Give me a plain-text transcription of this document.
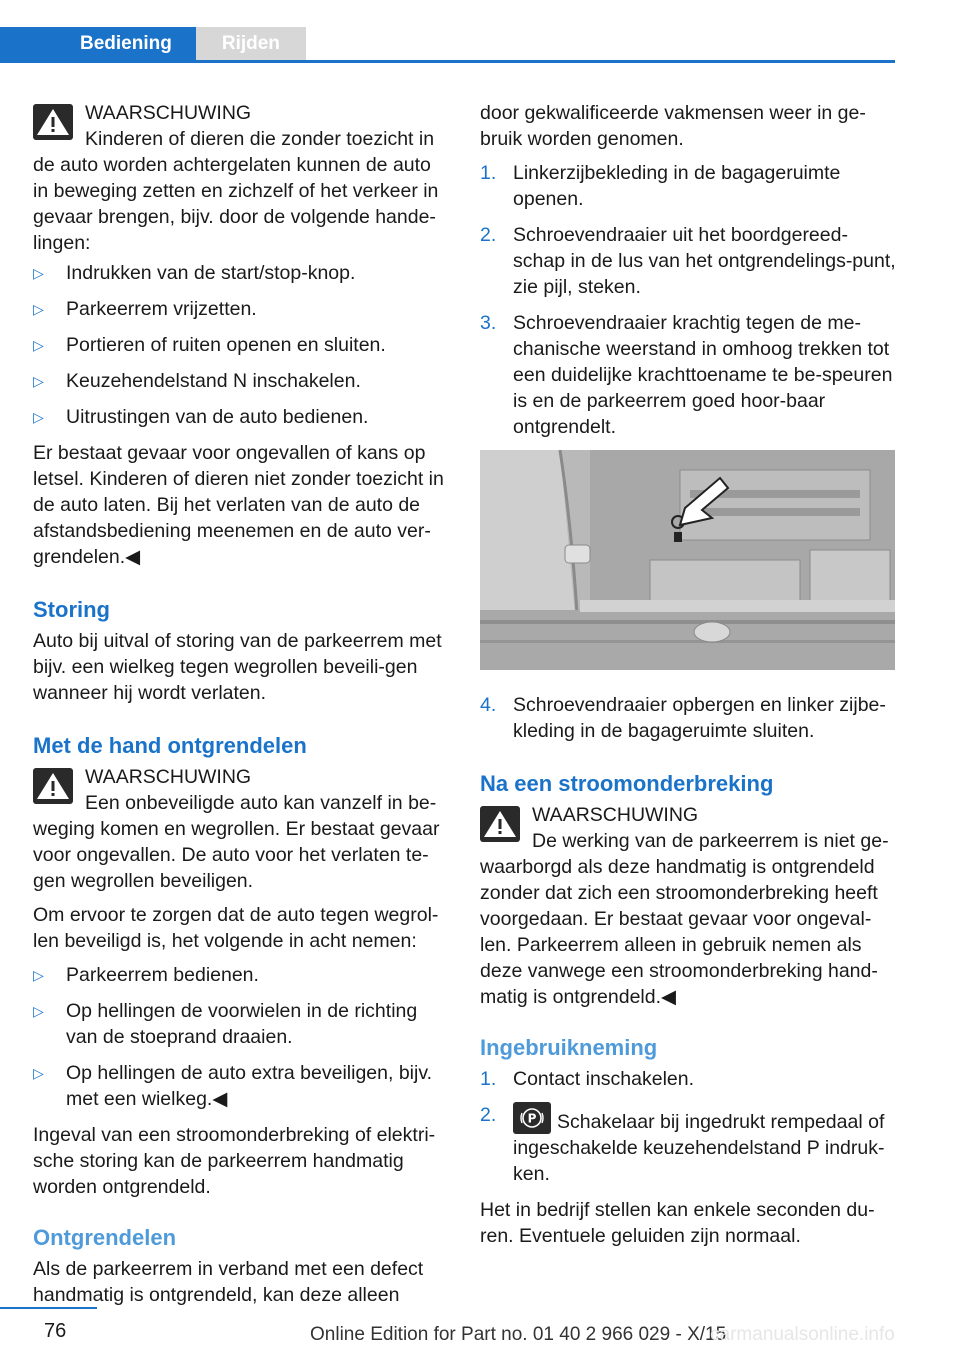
Bediening	Rijden
WAARSCHUWING
Kinderen of dieren die zonder toezicht in de auto worden achtergelaten kunnen de auto in beweging zetten en zichzelf of het verkeer in gevaar brengen, bijv. door de volgende hande‐lingen:
▷ Indrukken van de start/stop-knop.
▷ Parkeerrem vrijzetten.
▷ Portieren of ruiten openen en sluiten.
▷ Keuzehendelstand N inschakelen.
▷ Uitrustingen van de auto bedienen.

Er bestaat gevaar voor ongevallen of kans op letsel. Kinderen of dieren niet zonder toezicht in de auto laten. Bij het verlaten van de auto de afstandsbediening meenemen en de auto ver‐grendelen.◀

Storing

Auto bij uitval of storing van de parkeerrem met bijv. een wielkeg tegen wegrollen beveili‐gen wanneer hij wordt verlaten.

Met de hand ontgrendelen
WAARSCHUWING
Een onbeveiligde auto kan vanzelf in be‐weging komen en wegrollen. Er bestaat gevaar voor ongevallen. De auto voor het verlaten te‐gen wegrollen beveiligen.

Om ervoor te zorgen dat de auto tegen wegrol‐len beveiligd is, het volgende in acht nemen:

▷ Parkeerrem bedienen.
▷ Op hellingen de voorwielen in de richting van de stoeprand draaien.
▷ Op hellingen de auto extra beveiligen, bijv. met een wielkeg.◀

Ingeval van een stroomonderbreking of elektri‐sche storing kan de parkeerrem handmatig worden ontgrendeld.

Ontgrendelen

Als de parkeerrem in verband met een defect handmatig is ontgrendeld, kan deze alleen

door gekwalificeerde vakmensen weer in ge‐bruik worden genomen.

1. Linkerzijbekleding in de bagageruimte openen.
2. Schroevendraaier uit het boordgereed‐schap in de lus van het ontgrendelings‐punt, zie pijl, steken.
3. Schroevendraaier krachtig tegen de me‐chanische weerstand in omhoog trekken tot een duidelijke krachttoename te be‐speuren is en de parkeerrem goed hoor‐baar ontgrendelt.
4. Schroevendraaier opbergen en linker zijbe‐kleding in de bagageruimte sluiten.
Na een stroomonderbreking
WAARSCHUWING
De werking van de parkeerrem is niet ge‐waarborgd als deze handmatig is ontgrendeld zonder dat zich een stroomonderbreking heeft voorgedaan. Er bestaat gevaar voor ongeval‐len. Parkeerrem alleen in gebruik nemen als deze vanwege een stroomonderbreking hand‐matig is ontgrendeld.◀
Ingebruikneming
1. Contact inschakelen.
2.	P Schakelaar bij ingedrukt rempedaal of ingeschakelde keuzehendelstand P indruk‐ken.

Het in bedrijf stellen kan enkele seconden du‐ren. Eventuele geluiden zijn normaal.

76	Online Edition for Part no. 01 40 2 966 029 - X/15
carmanualsonline.info
